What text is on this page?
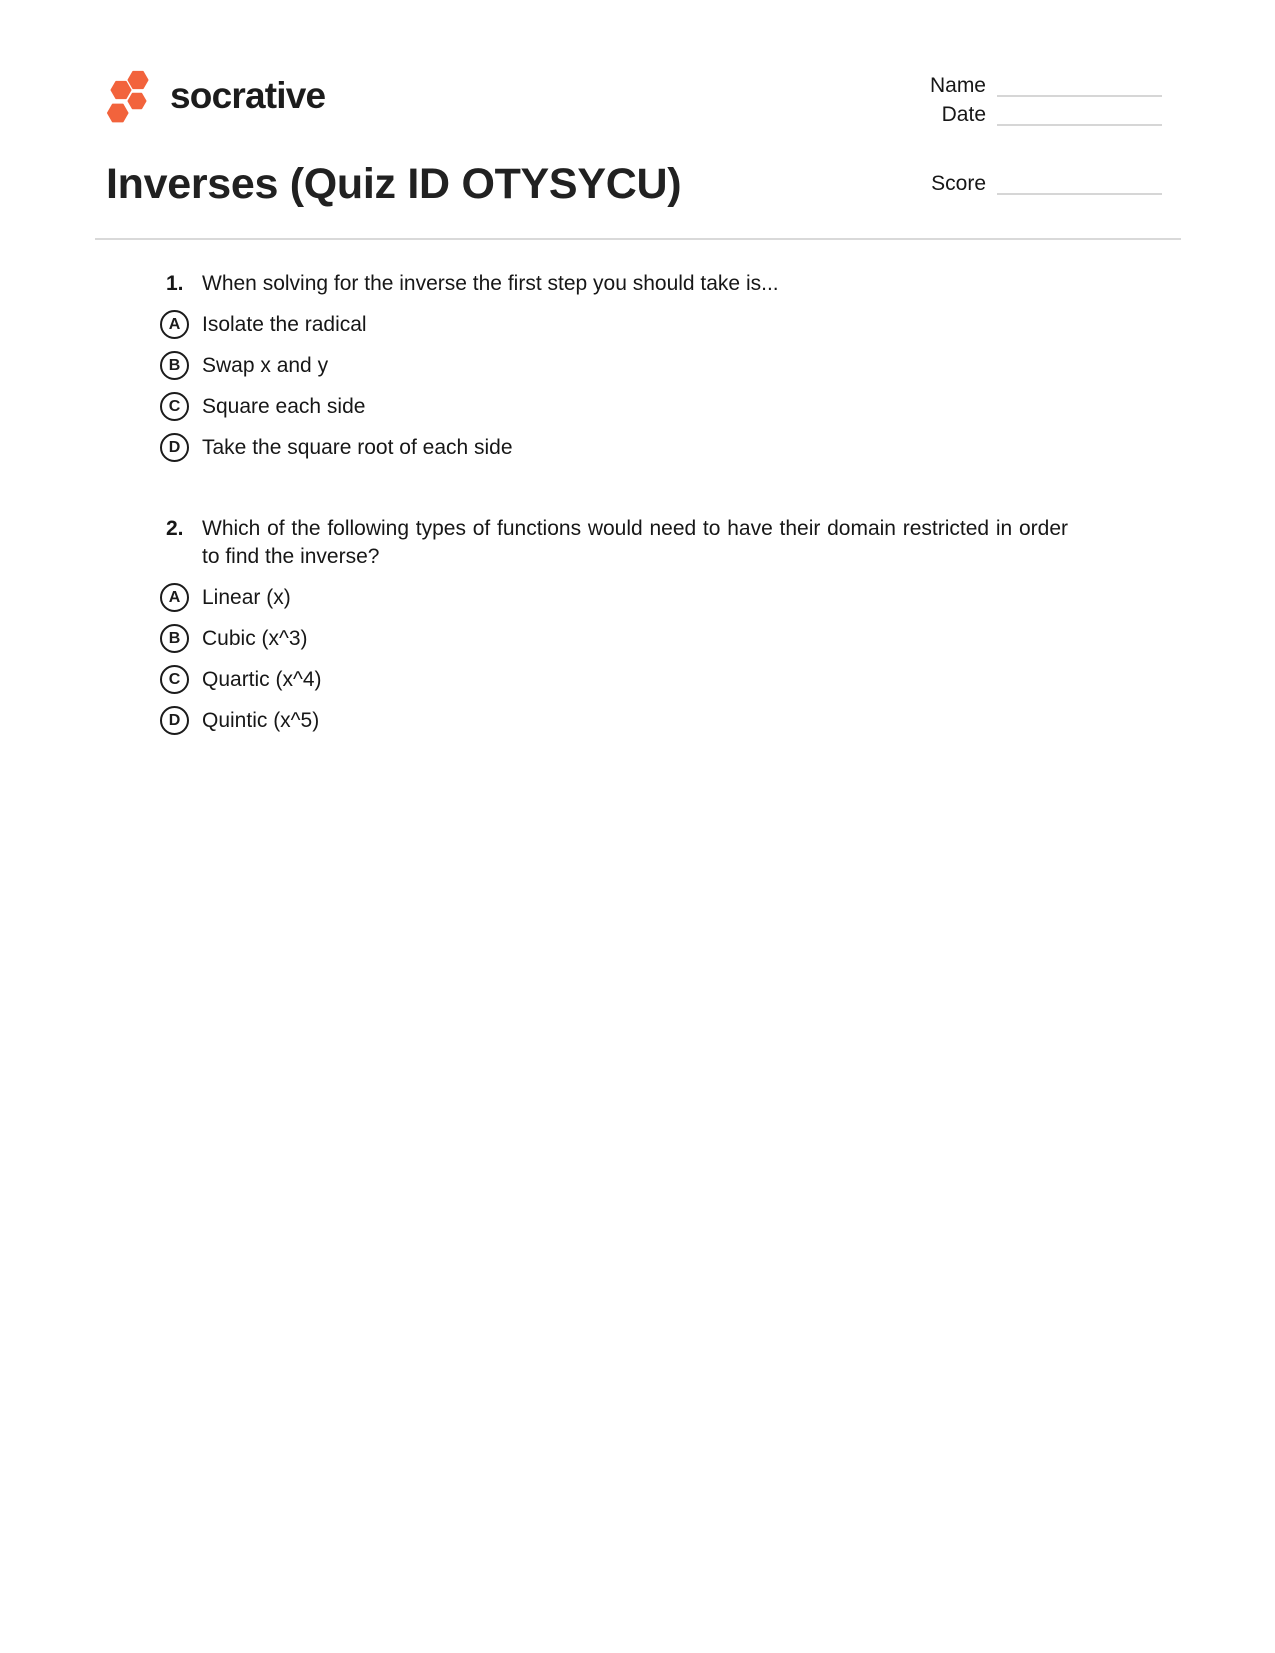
socrative	Name
Date
Inverses (Quiz ID OTYSYCU)	Score
1. When solving for the inverse the first step you should take is...

A	Isolate the radical
B	Swap x and y
C	Square each side
D	Take the square root of each side
2. Which of the following types of functions would need to have their domain restricted in order to find the inverse?

A	Linear (x)
B	Cubic (x^3)
C	Quartic (x^4)
D	Quintic (x^5)
